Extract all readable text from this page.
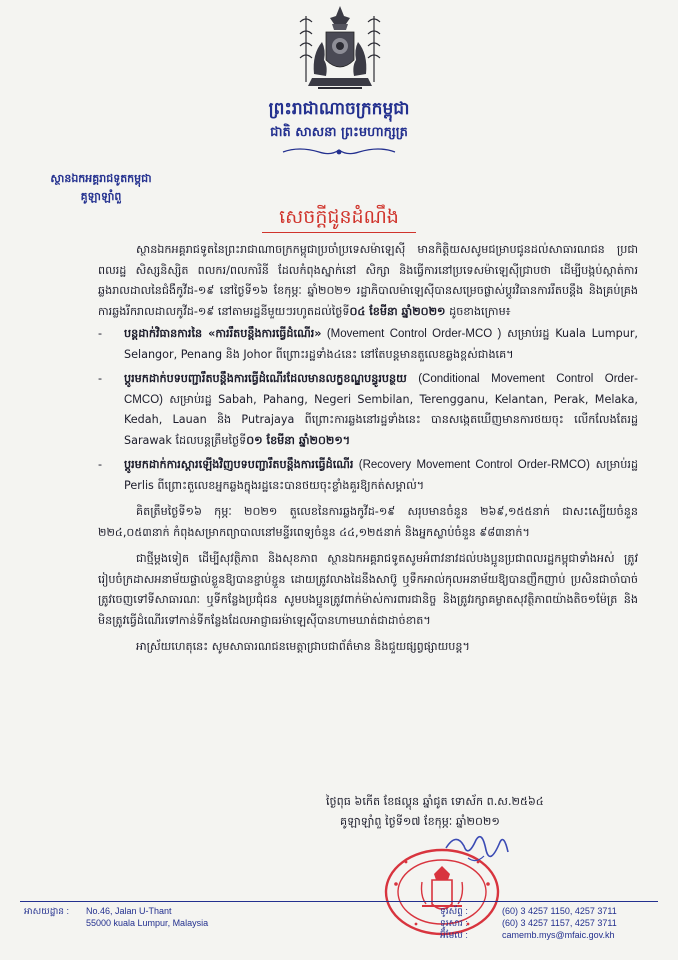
ព្រះរាជាណាចក្រកម្ពុជា
ជាតិ សាសនា ព្រះមហាក្សត្រ
ស្ថានឯកអគ្គរាជទូតកម្ពុជា
គូឡាឡាំពួ
សេចក្តីជូនដំណឹង

ស្ថានឯកអគ្គរាជទូតនៃព្រះរាជាណាចក្រកម្ពុជាប្រចាំប្រទេសម៉ាឡេស៊ី មានកិត្តិយសសូមជម្រាបជូនដល់សាធារណជន ប្រជាពលរដ្ឋ សិស្សនិស្សិត ពលករ/ពលការិនី ដែលកំពុងស្នាក់នៅ សិក្សា និងធ្វើការនៅប្រទេសម៉ាឡេស៊ីជ្រាបថា ដើម្បីបង្កប់ស្កាត់ការឆ្លងរាលដាលនៃជំងឺកូវីដ-១៩ នៅថ្ងៃទី១៦ ខែកុម្ភៈ ឆ្នាំ២០២១ រដ្ឋាភិបាលម៉ាឡេស៊ីបានសម្រេចផ្លាស់ប្តូរវិធានការរឹតបន្តឹង និងគ្រប់គ្រងការឆ្លងរីករាលដាលកូវីដ-១៩ នៅតាមរដ្ឋនីមួយៗរហូតដល់ថ្ងៃទី០៤ ខែមីនា ឆ្នាំ២០២១ ដូចខាងក្រោម៖

- បន្តដាក់វិធានការនៃ «ការរឹតបន្តឹងការធ្វើដំណើរ» (Movement Control Order-MCO ) សម្រាប់រដ្ឋ Kuala Lumpur, Selangor, Penang និង Johor ពីព្រោះរដ្ឋទាំង៤នេះ នៅតែបន្តមានតួលេខឆ្លងខ្ពស់ជាងគេ។
- ប្តូរមកដាក់បទបញ្ជារឹតបន្តឹងការធ្វើដំណើរដែលមានលក្ខខណ្ឌបន្ធូរបន្ថយ (Conditional Movement Control Order-CMCO) សម្រាប់រដ្ឋ Sabah, Pahang, Negeri Sembilan, Terengganu, Kelantan, Perak, Melaka, Kedah, Lauan និង Putrajaya ពីព្រោះការឆ្លងនៅរដ្ឋទាំងនេះ បានសង្កេតឃើញមានការថយចុះ លើកលែងតែរដ្ឋ Sarawak ដែលបន្តត្រឹមថ្ងៃទី០១ ខែមីនា ឆ្នាំ២០២១។
- ប្តូរមកដាក់ការស្តារឡើងវិញបទបញ្ជារឹតបន្តឹងការធ្វើដំណើរ (Recovery Movement Control Order-RMCO) សម្រាប់រដ្ឋ Perlis ពីព្រោះតួលេខអ្នកឆ្លងក្នុងរដ្ឋនេះបានថយចុះខ្លាំងគួរឱ្យកត់សម្គាល់។

គិតត្រឹមថ្ងៃទី១៦ កុម្ភៈ ២០២១ តួលេខនៃការឆ្លងកូវីដ-១៩ សរុបមានចំនួន ២៦៩,១៥៥នាក់ ជាសះស្បើយចំនួន ២២៤,០៥៣នាក់ កំពុងសម្រាកព្យាបាលនៅមន្ទីរពេទ្យចំនួន ៤៤,១២៥នាក់ និងអ្នកស្លាប់ចំនួន ៩៨៣នាក់។

ជាថ្មីម្តងទៀត ដើម្បីសុវត្ថិភាព និងសុខភាព ស្ថានឯកអគ្គរាជទូតសូមអំពាវនាវដល់បងប្អូនប្រជាពលរដ្ឋកម្ពុជាទាំងអស់ ត្រូវរៀបចំក្រដាសអនាម័យផ្ទាល់ខ្លួនឱ្យបានខ្ជាប់ខ្ជួន ដោយត្រូវលាងដៃនឹងសាប៊ូ ឬទឹកអាល់កុលអនាម័យឱ្យបានញឹកញាប់ ប្រសិនជាចាំបាច់ត្រូវចេញទៅទីសាធារណៈ ឬទីកន្លែងប្រជុំជន សូមបងប្អូនត្រូវពាក់ម៉ាស់ការពារជានិច្ច និងត្រូវរក្សាគម្លាតសុវត្ថិភាពយ៉ាងតិច១ម៉ែត្រ និងមិនត្រូវធ្វើដំណើរទៅកាន់ទីកន្លែងដែលអាជ្ញាធរម៉ាឡេស៊ីបានហាមឃាត់ជាដាច់ខាត។

អាស្រ័យហេតុនេះ សូមសាធារណជនមេត្តាជ្រាបជាព័ត៌មាន និងជួយផ្សព្វផ្សាយបន្ត។

ថ្ងៃពុធ ៦កើត ខែផល្គុន ឆ្នាំជូត ទោស័ក ព.ស.២៥៦៤
គូឡាឡាំពួ ថ្ងៃទី១៧ ខែកុម្ភៈ ឆ្នាំ២០២១
អាសយដ្ឋាន :	No.46, Jalan U-Thant
55000 kuala Lumpur, Malaysia
ទូរស័ព្ទ :	(60) 3 4257 1150, 4257 3711
ទូរសារ :	(60) 3 4257 1157, 4257 3711
អ៊ីមែល :	camemb.mys@mfaic.gov.kh
